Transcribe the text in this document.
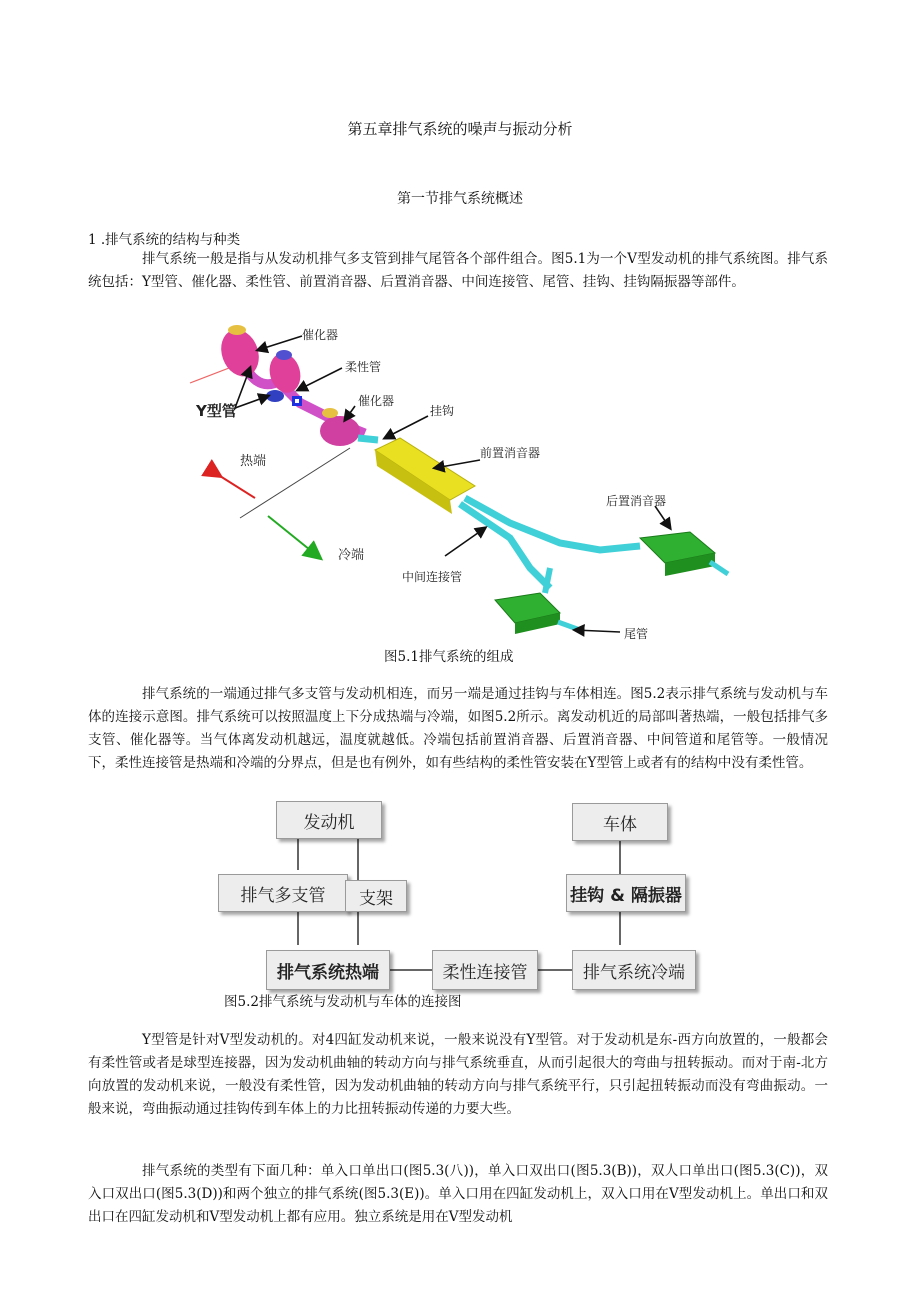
第五章排气系统的噪声与振动分析
第一节排气系统概述
1 .排气系统的结构与种类
排气系统一般是指与从发动机排气多支管到排气尾管各个部件组合。图5.1为一个V型发动机的排气系统图。排气系统包括：Y型管、催化器、柔性管、前置消音器、后置消音器、中间连接管、尾管、挂钩、挂钩隔振器等部件。
催化器
柔性管
Y型管
催化器
挂钩
前置消音器
热端
冷端
后置消音器
中间连接管
尾管
图5.1排气系统的组成
排气系统的一端通过排气多支管与发动机相连，而另一端是通过挂钩与车体相连。图5.2表示排气系统与发动机与车体的连接示意图。排气系统可以按照温度上下分成热端与冷端，如图5.2所示。离发动机近的局部叫著热端，一般包括排气多支管、催化器等。当气体离发动机越远，温度就越低。冷端包括前置消音器、后置消音器、中间管道和尾管等。一般情况下，柔性连接管是热端和冷端的分界点，但是也有例外，如有些结构的柔性管安装在Y型管上或者有的结构中没有柔性管。
发动机
排气多支管	支架
排气系统热端	柔性连接管	排气系统冷端
车体
挂钩 & 隔振器
图5.2排气系统与发动机与车体的连接图
Y型管是针对V型发动机的。对4四缸发动机来说，一般来说没有Y型管。对于发动机是东-西方向放置的，一般都会有柔性管或者是球型连接器，因为发动机曲轴的转动方向与排气系统垂直，从而引起很大的弯曲与扭转振动。而对于南-北方向放置的发动机来说，一般没有柔性管，因为发动机曲轴的转动方向与排气系统平行，只引起扭转振动而没有弯曲振动。一般来说，弯曲振动通过挂钩传到车体上的力比扭转振动传递的力要大些。
排气系统的类型有下面几种：单入口单出口(图5.3(八))，单入口双出口(图5.3(B))，双人口单出口(图5.3(C))，双入口双出口(图5.3(D))和两个独立的排气系统(图5.3(E))。单入口用在四缸发动机上，双入口用在V型发动机上。单出口和双出口在四缸发动机和V型发动机上都有应用。独立系统是用在V型发动机
